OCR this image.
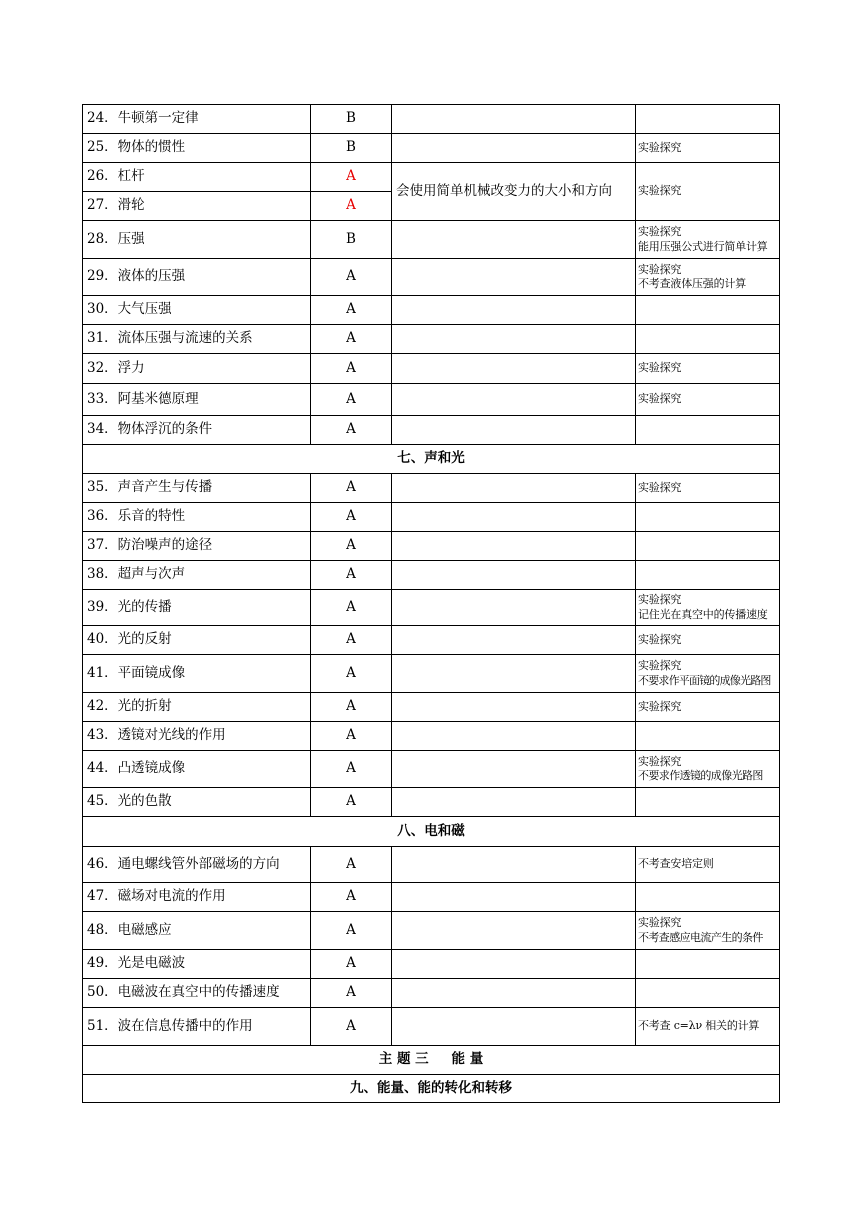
24．牛顿第一定律	B		
25．物体的惯性	B		实验探究
26．杠杆	A	会使用简单机械改变力的大小和方向	实验探究
27．滑轮	A		
28．压强	B		实验探究
能用压强公式进行简单计算

29．液体的压强	A		实验探究
不考查液体压强的计算

30．大气压强	A		
31．流体压强与流速的关系	A		
32．浮力	A		实验探究
33．阿基米德原理	A		实验探究
34．物体浮沉的条件	A		
七、声和光			
35．声音产生与传播	A		实验探究
36．乐音的特性	A		
37．防治噪声的途径	A		
38．超声与次声	A		
39．光的传播	A		实验探究
记住光在真空中的传播速度

40．光的反射	A		实验探究
41．平面镜成像	A		实验探究
不要求作平面镜的成像光路图

42．光的折射	A		实验探究
43．透镜对光线的作用	A		
44．凸透镜成像	A		实验探究
不要求作透镜的成像光路图

45．光的色散	A		
八、电和磁			
46．通电螺线管外部磁场的方向	A		不考查安培定则
47．磁场对电流的作用	A		
48．电磁感应	A		实验探究
不考查感应电流产生的条件

49．光是电磁波	A		
50．电磁波在真空中的传播速度	A		
51．波在信息传播中的作用	A		不考查 c=λν 相关的计算
主 题 三 　 能 量			
九、能量、能的转化和转移			
